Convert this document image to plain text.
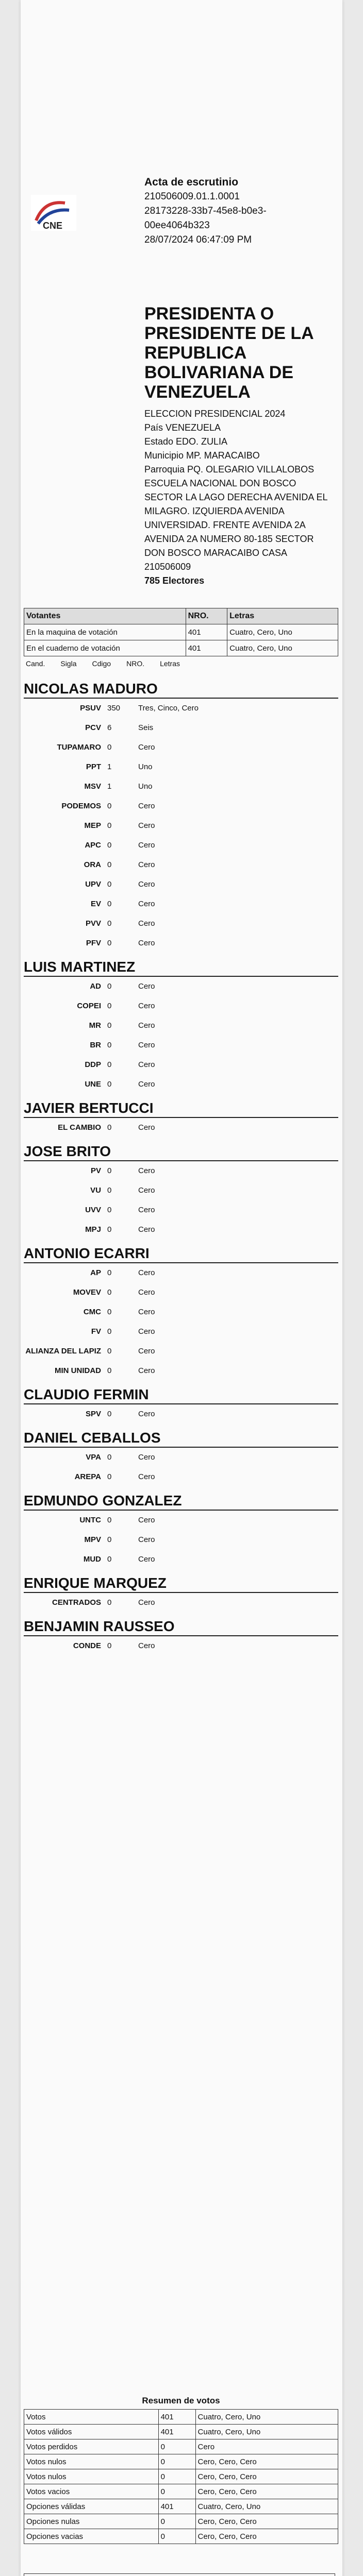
CNE
Acta de escrutinio
210506009.01.1.0001
28173228-33b7-45e8-b0e3-
00ee4064b323
28/07/2024 06:47:09 PM
PRESIDENTA O PRESIDENTE DE LA REPUBLICA BOLIVARIANA DE VENEZUELA
ELECCION PRESIDENCIAL 2024
País VENEZUELA
Estado EDO. ZULIA
Municipio MP. MARACAIBO
Parroquia PQ. OLEGARIO VILLALOBOS
ESCUELA NACIONAL DON BOSCO
SECTOR LA LAGO DERECHA AVENIDA EL MILAGRO. IZQUIERDA AVENIDA UNIVERSIDAD. FRENTE AVENIDA 2A AVENIDA 2A NUMERO 80-185 SECTOR DON BOSCO MARACAIBO CASA
210506009
785 Electores
Votantes	NRO.	Letras
En la maquina de votación	401	Cuatro, Cero, Uno
En el cuaderno de votación	401	Cuatro, Cero, Uno
Cand. Sigla Cdigo NRO. Letras
NICOLAS MADURO
PSUV 350	Tres, Cinco, Cero
PCV 6	Seis
TUPAMARO 0	Cero
PPT 1	Uno
MSV 1	Uno
PODEMOS 0	Cero
MEP 0	Cero
APC 0	Cero
ORA 0	Cero
UPV 0	Cero
EV 0	Cero
PVV 0	Cero
PFV 0	Cero
LUIS MARTINEZ
AD 0	Cero
COPEI 0	Cero
MR 0	Cero
BR 0	Cero
DDP 0	Cero
UNE 0	Cero
JAVIER BERTUCCI
EL CAMBIO 0	Cero
JOSE BRITO
PV 0	Cero
VU 0	Cero
UVV 0	Cero
MPJ 0	Cero
ANTONIO ECARRI
AP 0	Cero
MOVEV 0	Cero
CMC 0	Cero
FV 0	Cero
ALIANZA DEL LAPIZ 0	Cero
MIN UNIDAD 0	Cero
CLAUDIO FERMIN
SPV 0	Cero
DANIEL CEBALLOS
VPA 0	Cero
AREPA 0	Cero
EDMUNDO GONZALEZ
UNTC 0	Cero
MPV 0	Cero
MUD 0	Cero
ENRIQUE MARQUEZ
CENTRADOS 0	Cero
BENJAMIN RAUSSEO
CONDE 0	Cero
Resumen de votos
Votos	401	Cuatro, Cero, Uno
Votos válidos	401	Cuatro, Cero, Uno
Votos perdidos	0	Cero
Votos nulos	0	Cero, Cero, Cero
Votos nulos	0	Cero, Cero, Cero
Votos vacios	0	Cero, Cero, Cero
Opciones válidas	401	Cuatro, Cero, Uno
Opciones nulas	0	Cero, Cero, Cero
Opciones vacias	0	Cero, Cero, Cero
